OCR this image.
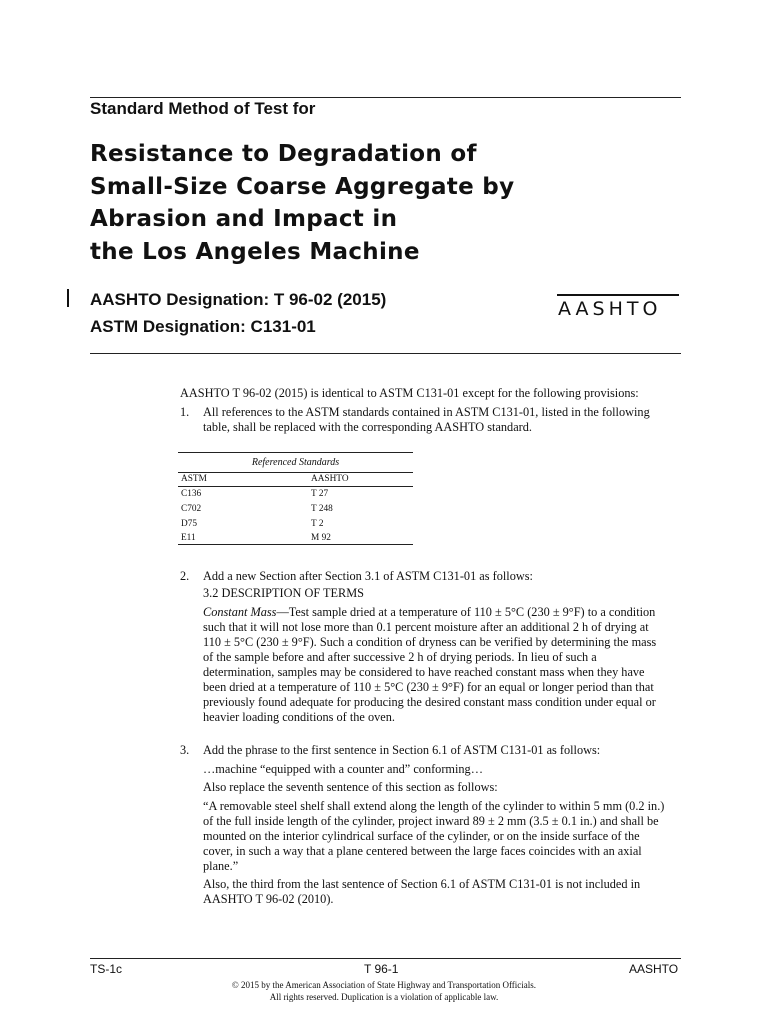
Standard Method of Test for
Resistance to Degradation of
Small-Size Coarse Aggregate by
Abrasion and Impact in
the Los Angeles Machine
AASHTO Designation: T 96-02 (2015)
ASTM Designation: C131-01
AASHTO
AASHTO T 96-02 (2015) is identical to ASTM C131-01 except for the following provisions:
1. All references to the ASTM standards contained in ASTM C131-01, listed in the following
table, shall be replaced with the corresponding AASHTO standard.
Referenced Standards
ASTM	AASHTO
C136	T 27
C702	T 248
D75	T 2
E11	M 92
2. Add a new Section after Section 3.1 of ASTM C131-01 as follows:
3.2 DESCRIPTION OF TERMS
Constant Mass—Test sample dried at a temperature of 110 ± 5°C (230 ± 9°F) to a condition
such that it will not lose more than 0.1 percent moisture after an additional 2 h of drying at
110 ± 5°C (230 ± 9°F). Such a condition of dryness can be verified by determining the mass
of the sample before and after successive 2 h of drying periods. In lieu of such a
determination, samples may be considered to have reached constant mass when they have
been dried at a temperature of 110 ± 5°C (230 ± 9°F) for an equal or longer period than that
previously found adequate for producing the desired constant mass condition under equal or
heavier loading conditions of the oven.
3. Add the phrase to the first sentence in Section 6.1 of ASTM C131-01 as follows:
…machine “equipped with a counter and” conforming…
Also replace the seventh sentence of this section as follows:
“A removable steel shelf shall extend along the length of the cylinder to within 5 mm (0.2 in.)
of the full inside length of the cylinder, project inward 89 ± 2 mm (3.5 ± 0.1 in.) and shall be
mounted on the interior cylindrical surface of the cylinder, or on the inside surface of the
cover, in such a way that a plane centered between the large faces coincides with an axial
plane.”
Also, the third from the last sentence of Section 6.1 of ASTM C131-01 is not included in
AASHTO T 96-02 (2010).
TS-1c	T 96-1	AASHTO
© 2015 by the American Association of State Highway and Transportation Officials.
All rights reserved. Duplication is a violation of applicable law.
